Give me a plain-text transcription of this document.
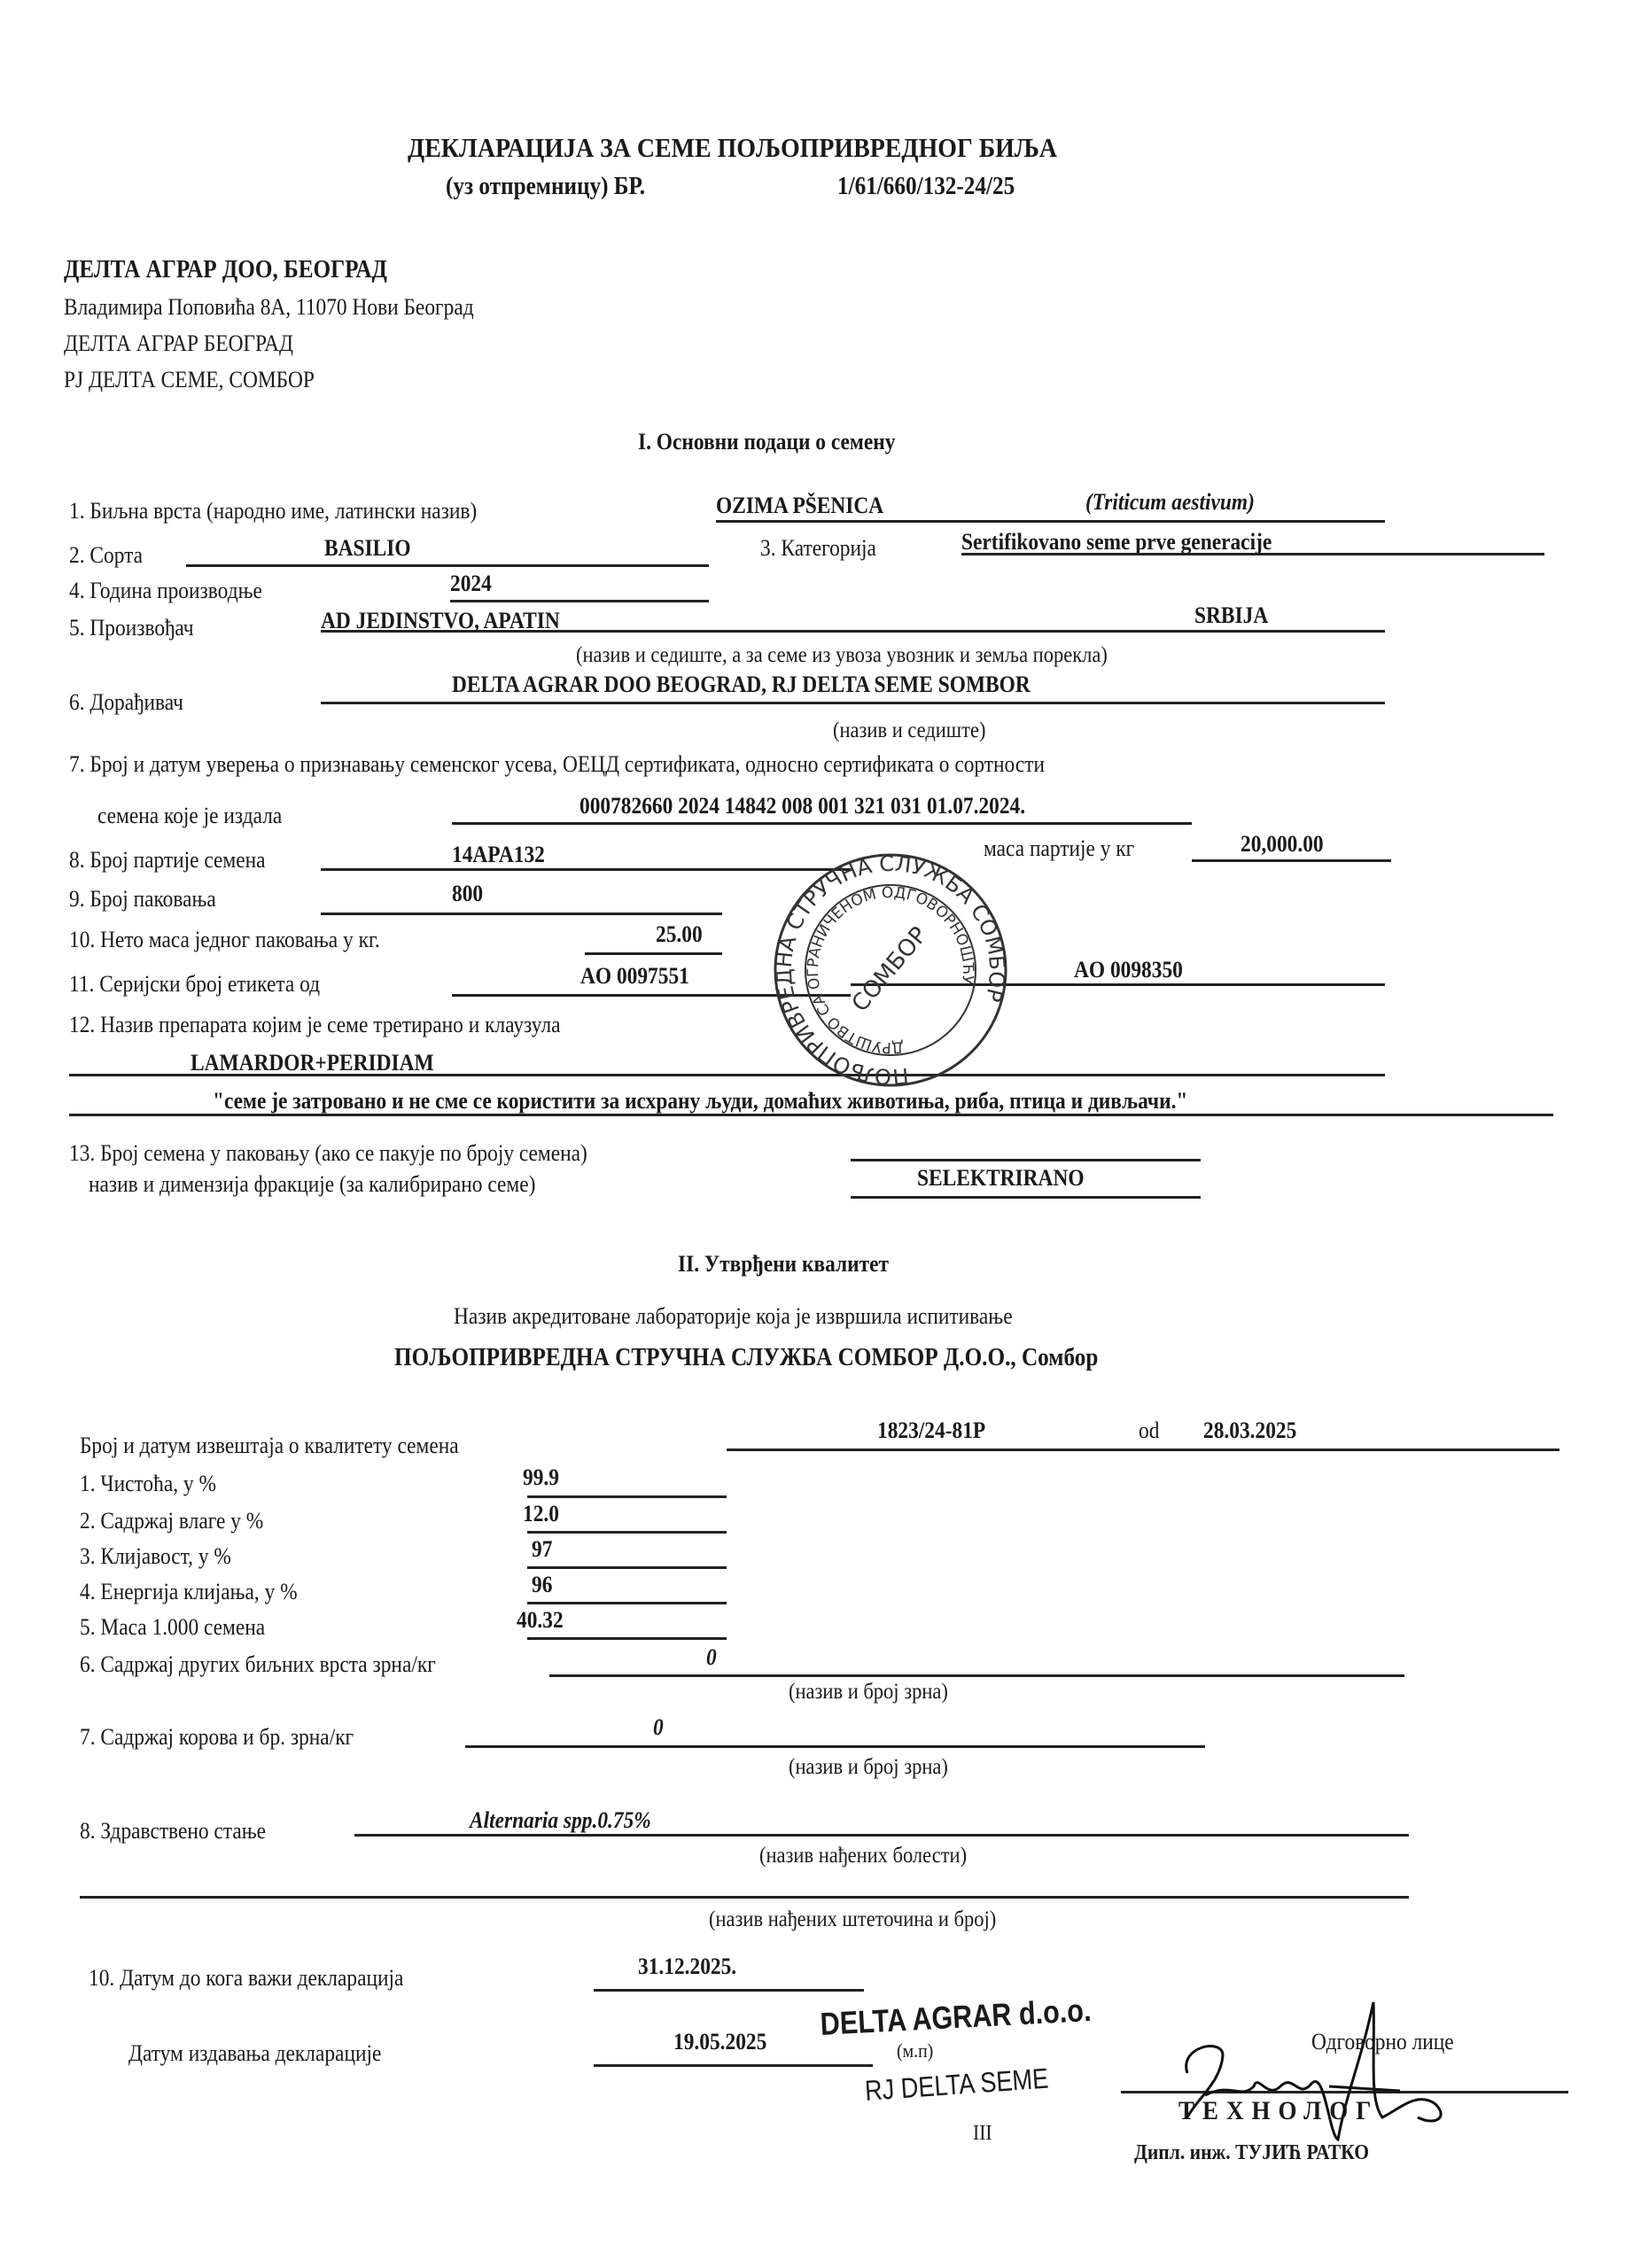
ДЕКЛАРАЦИЈА ЗА СЕМЕ ПОЉОПРИВРЕДНОГ БИЉА
(уз отпремницу) БР.	1/61/660/132-24/25
ДЕЛТА АГРАР ДОО, БЕОГРАД
Владимира Поповића 8А, 11070 Нови Београд
ДЕЛТА АГРАР БЕОГРАД
РЈ ДЕЛТА СЕМЕ, СОМБОР
I. Основни подаци о семену
1. Биљна врста (народно име, латински назив)	OZIMA PŠENICA	(Triticum aestivum)
2. Сорта	BASILIO	3. Категорија	Sertifikovano seme prve generacije
4. Година производње	2024
5. Произвођач	AD JEDINSTVO, APATIN	SRBIJA
(назив и седиште, а за семе из увоза увозник и земља порекла)
6. Дорађивач
DELTA AGRAR DOO BEOGRAD, RJ DELTA SEME SOMBOR
(назив и седиште)
7. Број и датум уверења о признавању семенског усева, ОЕЦД сертификата, односно сертификата о сортности
семена које је издала	000782660 2024 14842 008 001 321 031 01.07.2024.
8. Број партије семена	14APA132	маса партије у кг	20,000.00
9. Број паковања	800
10. Нето маса једног паковања у кг.	25.00
11. Серијски број етикета од	AO 0097551	AO 0098350
12. Назив препарата којим је семе третирано и клаузула
LAMARDOR+PERIDIAM
"семе је затровано и не сме се користити за исхрану људи, домаћих животиња, риба, птица и дивљачи."
13. Број семена у паковању (ако се пакује по броју семена)
назив и димензија фракције (за калибрирано семе)	SELEKTRIRANO
ПОЉОПРИВРЕДНА СТРУЧНА СЛУЖБА СОМБОР
ДРУШТВО СА ОГРАНИЧЕНОМ ОДГОВОРНОШЋУ
СОМБОР
II. Утврђени квалитет
Назив акредитоване лабораторије која је извршила испитивање
ПОЉОПРИВРЕДНА СТРУЧНА СЛУЖБА СОМБОР Д.О.О., Сомбор
Број и датум извештаја о квалитету семена
1823/24-81P	od 28.03.2025
1. Чистоћа, у %	99.9
2. Садржај влаге у %	12.0
3. Клијавост, у %	97
4. Енергија клијања, у %	96
5. Маса 1.000 семена	40.32
6. Садржај других биљних врста зрна/кг	0
(назив и број зрна)
7. Садржај корова и бр. зрна/кг	0
(назив и број зрна)
8. Здравствено стање	Alternaria spp.0.75%
(назив нађених болести)
(назив нађених штеточина и број)
10. Датум до кога важи декларација	31.12.2025.
Датум издавања декларације	19.05.2025 DELTA AGRAR d.o.o.
(м.п)
RJ DELTA SEME
III
Одговорно лице
ТЕХНОЛОГ
Дипл. инж. ТУЈИЋ РАТКО
